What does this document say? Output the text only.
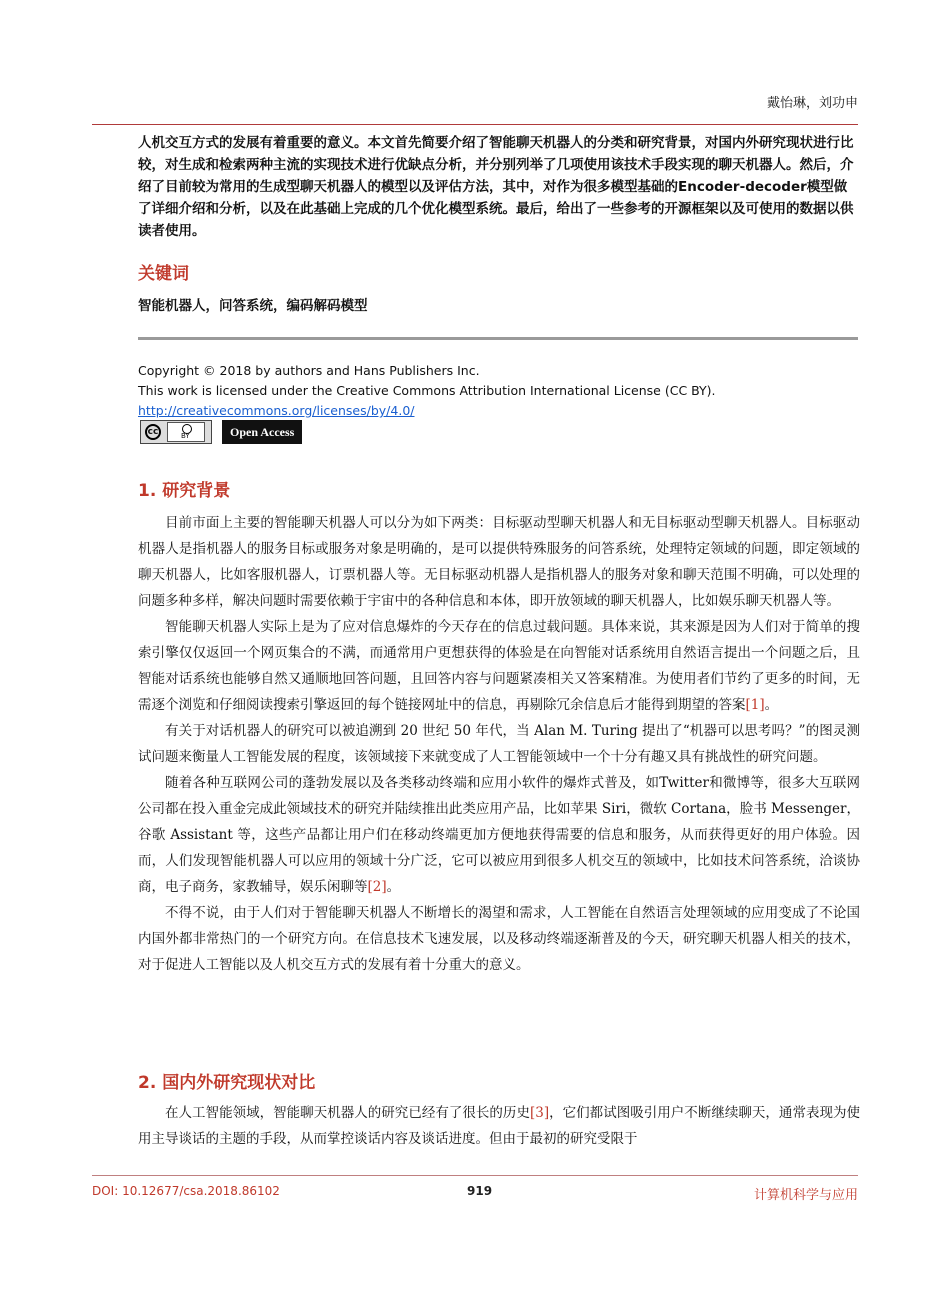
戴怡琳，刘功申
人机交互方式的发展有着重要的意义。本文首先简要介绍了智能聊天机器人的分类和研究背景，对国内外研究现状进行比较，对生成和检索两种主流的实现技术进行优缺点分析，并分别列举了几项使用该技术手段实现的聊天机器人。然后，介绍了目前较为常用的生成型聊天机器人的模型以及评估方法，其中，对作为很多模型基础的Encoder-decoder模型做了详细介绍和分析，以及在此基础上完成的几个优化模型系统。最后，给出了一些参考的开源框架以及可使用的数据以供读者使用。
关键词
智能机器人，问答系统，编码解码模型
Copyright © 2018 by authors and Hans Publishers Inc.
This work is licensed under the Creative Commons Attribution International License (CC BY).
http://creativecommons.org/licenses/by/4.0/
cc	BY	Open Access
1. 研究背景

目前市面上主要的智能聊天机器人可以分为如下两类：目标驱动型聊天机器人和无目标驱动型聊天机器人。目标驱动机器人是指机器人的服务目标或服务对象是明确的，是可以提供特殊服务的问答系统，处理特定领域的问题，即定领域的聊天机器人，比如客服机器人，订票机器人等。无目标驱动机器人是指机器人的服务对象和聊天范围不明确，可以处理的问题多种多样，解决问题时需要依赖于宇宙中的各种信息和本体，即开放领域的聊天机器人，比如娱乐聊天机器人等。

智能聊天机器人实际上是为了应对信息爆炸的今天存在的信息过载问题。具体来说，其来源是因为人们对于简单的搜索引擎仅仅返回一个网页集合的不满，而通常用户更想获得的体验是在向智能对话系统用自然语言提出一个问题之后，且智能对话系统也能够自然又通顺地回答问题，且回答内容与问题紧凑相关又答案精准。为使用者们节约了更多的时间，无需逐个浏览和仔细阅读搜索引擎返回的每个链接网址中的信息，再剔除冗余信息后才能得到期望的答案[1]。

有关于对话机器人的研究可以被追溯到 20 世纪 50 年代，当 Alan M. Turing 提出了“机器可以思考吗？”的图灵测试问题来衡量人工智能发展的程度，该领域接下来就变成了人工智能领域中一个十分有趣又具有挑战性的研究问题。

随着各种互联网公司的蓬勃发展以及各类移动终端和应用小软件的爆炸式普及，如Twitter和微博等，很多大互联网公司都在投入重金完成此领域技术的研究并陆续推出此类应用产品，比如苹果 Siri，微软 Cortana，脸书 Messenger，谷歌 Assistant 等，这些产品都让用户们在移动终端更加方便地获得需要的信息和服务，从而获得更好的用户体验。因而，人们发现智能机器人可以应用的领域十分广泛，它可以被应用到很多人机交互的领域中，比如技术问答系统，洽谈协商，电子商务，家教辅导，娱乐闲聊等[2]。

不得不说，由于人们对于智能聊天机器人不断增长的渴望和需求，人工智能在自然语言处理领域的应用变成了不论国内国外都非常热门的一个研究方向。在信息技术飞速发展，以及移动终端逐渐普及的今天，研究聊天机器人相关的技术，对于促进人工智能以及人机交互方式的发展有着十分重大的意义。

2. 国内外研究现状对比

在人工智能领域，智能聊天机器人的研究已经有了很长的历史[3]，它们都试图吸引用户不断继续聊天，通常表现为使用主导谈话的主题的手段，从而掌控谈话内容及谈话进度。但由于最初的研究受限于

DOI: 10.12677/csa.2018.86102	919	计算机科学与应用
